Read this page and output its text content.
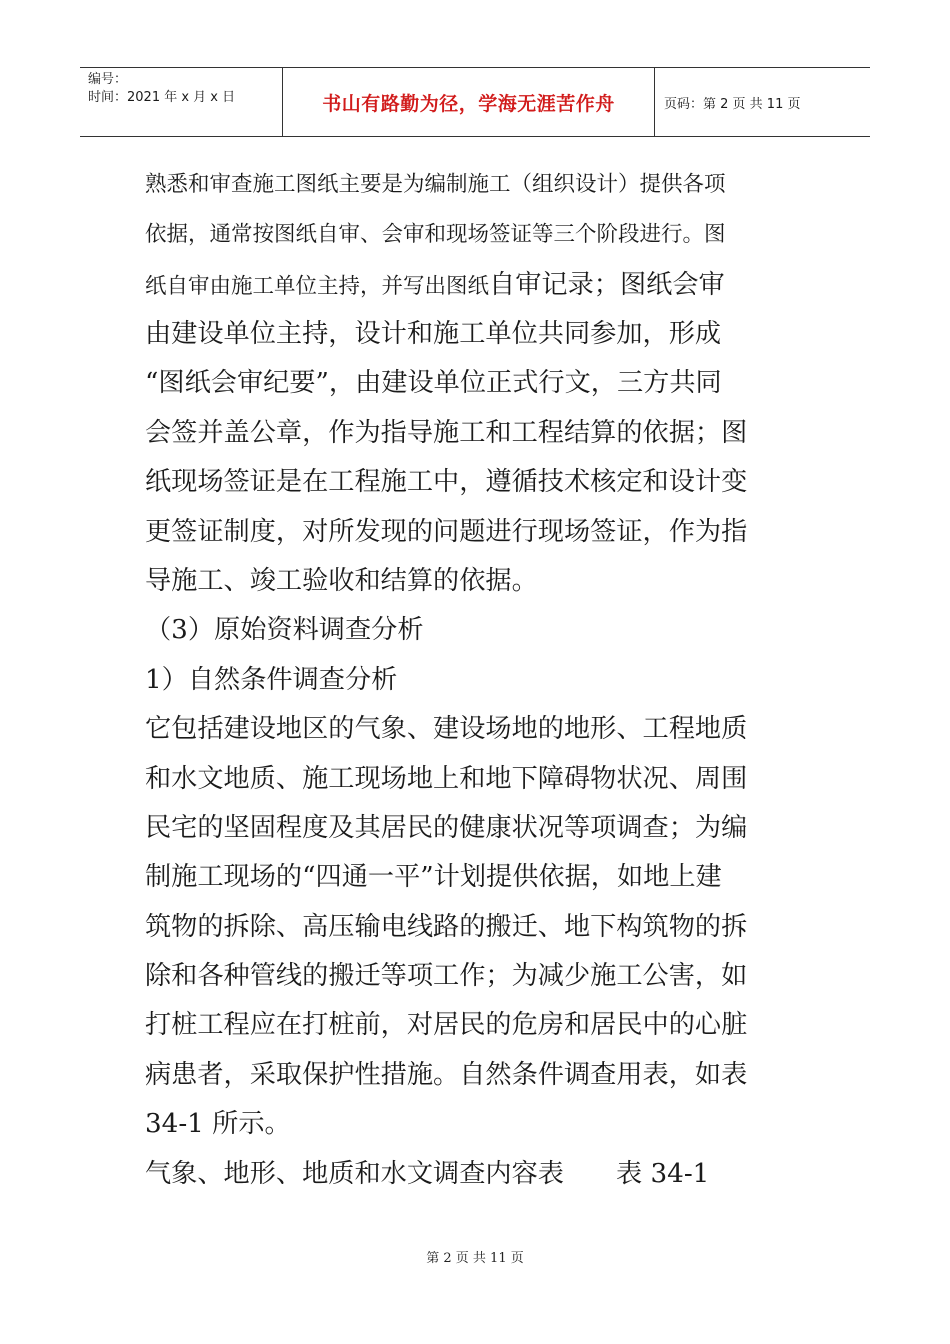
编号：
时间：2021 年 x 月 x 日	书山有路勤为径，学海无涯苦作舟	页码：第 2 页 共 11 页
熟悉和审查施工图纸主要是为编制施工（组织设计）提供各项
依据，通常按图纸自审、会审和现场签证等三个阶段进行。图
纸自审由施工单位主持，并写出图纸自审记录；图纸会审
由建设单位主持，设计和施工单位共同参加，形成
“图纸会审纪要”，由建设单位正式行文，三方共同
会签并盖公章，作为指导施工和工程结算的依据；图
纸现场签证是在工程施工中，遵循技术核定和设计变
更签证制度，对所发现的问题进行现场签证，作为指
导施工、竣工验收和结算的依据。
（3）原始资料调查分析
1）自然条件调查分析
它包括建设地区的气象、建设场地的地形、工程地质
和水文地质、施工现场地上和地下障碍物状况、周围
民宅的坚固程度及其居民的健康状况等项调查；为编
制施工现场的“四通一平”计划提供依据，如地上建
筑物的拆除、高压输电线路的搬迁、地下构筑物的拆
除和各种管线的搬迁等项工作；为减少施工公害，如
打桩工程应在打桩前，对居民的危房和居民中的心脏
病患者，采取保护性措施。自然条件调查用表，如表
34-1 所示。
气象、地形、地质和水文调查内容表 表 34-1
第 2 页 共 11 页
